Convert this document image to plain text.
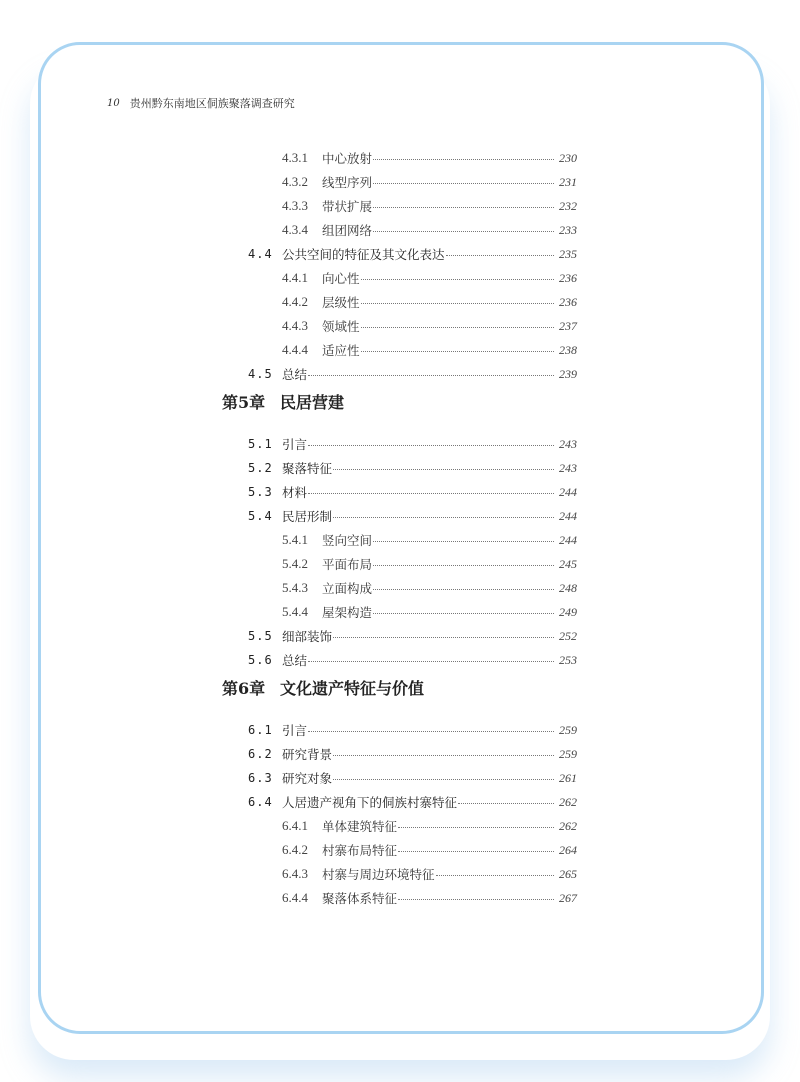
10 贵州黔东南地区侗族聚落调查研究
4.3.1	中心放射	230
4.3.2	线型序列	231
4.3.3	带状扩展	232
4.3.4	组团网络	233
4.4 公共空间的特征及其文化表达	235
4.4.1	向心性	236
4.4.2	层级性	236
4.4.3	领域性	237
4.4.4	适应性	238
4.5 总结	239
第5章 民居营建
5.1 引言	243
5.2 聚落特征	243
5.3 材料	244
5.4 民居形制	244
5.4.1	竖向空间	244
5.4.2	平面布局	245
5.4.3	立面构成	248
5.4.4	屋架构造	249
5.5 细部装饰	252
5.6 总结	253
第6章 文化遗产特征与价值
6.1 引言	259
6.2 研究背景	259
6.3 研究对象	261
6.4 人居遗产视角下的侗族村寨特征	262
6.4.1	单体建筑特征	262
6.4.2	村寨布局特征	264
6.4.3	村寨与周边环境特征	265
6.4.4	聚落体系特征	267
